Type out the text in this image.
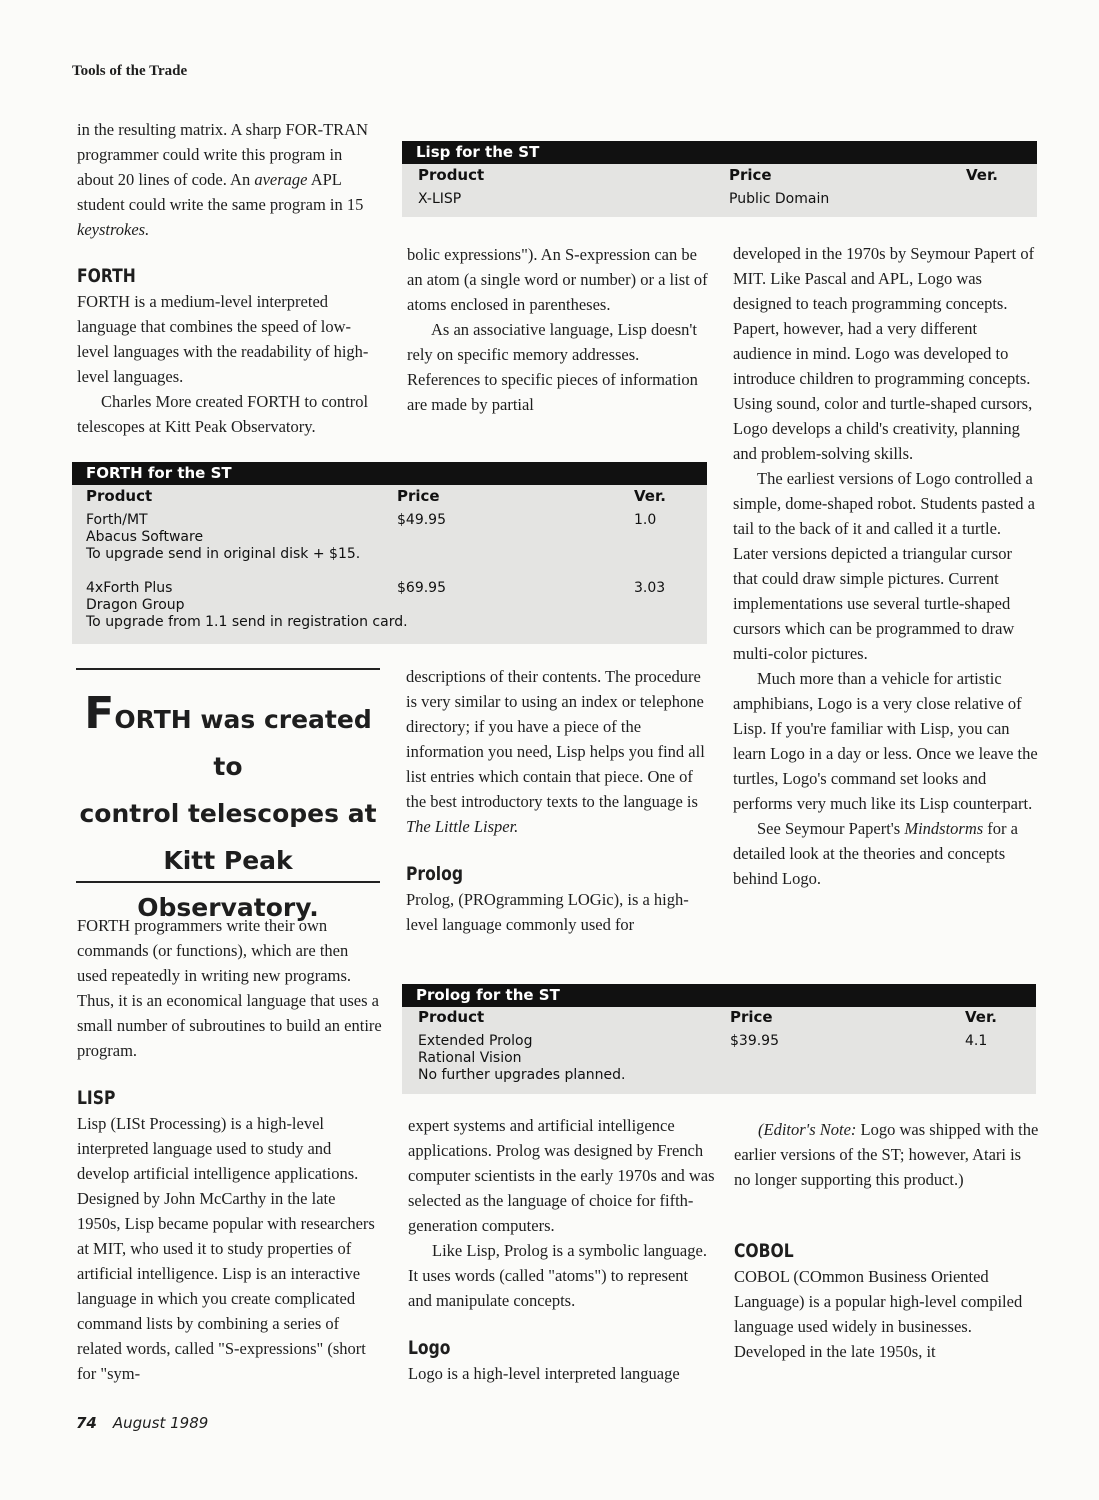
Tools of the Trade

in the resulting matrix. A sharp FOR-TRAN programmer could write this program in about 20 lines of code. An average APL student could write the same program in 15 keystrokes.

FORTH

FORTH is a medium-level interpreted language that combines the speed of low-level languages with the readability of high-level languages.

Charles More created FORTH to control telescopes at Kitt Peak Observatory.

Lisp for the ST
Product	Price	Ver.
X-LISP	Public Domain

bolic expressions"). An S-expression can be an atom (a single word or number) or a list of atoms enclosed in parentheses.

As an associative language, Lisp doesn't rely on specific memory addresses. References to specific pieces of information are made by partial

developed in the 1970s by Seymour Papert of MIT. Like Pascal and APL, Logo was designed to teach programming concepts. Papert, however, had a very different audience in mind. Logo was developed to introduce children to programming concepts. Using sound, color and turtle-shaped cursors, Logo develops a child's creativity, planning and problem-solving skills.

The earliest versions of Logo controlled a simple, dome-shaped robot. Students pasted a tail to the back of it and called it a turtle. Later versions depicted a triangular cursor that could draw simple pictures. Current implementations use several turtle-shaped cursors which can be programmed to draw multi-color pictures.

Much more than a vehicle for artistic amphibians, Logo is a very close relative of Lisp. If you're familiar with Lisp, you can learn Logo in a day or less. Once we leave the turtles, Logo's command set looks and performs very much like its Lisp counterpart.

See Seymour Papert's Mindstorms for a detailed look at the theories and concepts behind Logo.

FORTH for the ST
Product	Price	Ver.
Forth/MT
Abacus Software
To upgrade send in original disk + $15.
$49.95	1.0
4xForth Plus
Dragon Group
To upgrade from 1.1 send in registration card.
$69.95	3.03
FORTH was created to
control telescopes at
Kitt Peak Observatory.

FORTH programmers write their own commands (or functions), which are then used repeatedly in writing new programs. Thus, it is an economical language that uses a small number of subroutines to build an entire program.

LISP

Lisp (LISt Processing) is a high-level interpreted language used to study and develop artificial intelligence applications. Designed by John McCarthy in the late 1950s, Lisp became popular with researchers at MIT, who used it to study properties of artificial intelligence. Lisp is an interactive language in which you create complicated command lists by combining a series of related words, called "S-expressions" (short for "sym-

descriptions of their contents. The procedure is very similar to using an index or telephone directory; if you have a piece of the information you need, Lisp helps you find all list entries which contain that piece. One of the best introductory texts to the language is The Little Lisper.

Prolog

Prolog, (PROgramming LOGic), is a high-level language commonly used for

Prolog for the ST
Product	Price	Ver.
Extended Prolog
Rational Vision
No further upgrades planned.
$39.95	4.1

expert systems and artificial intelligence applications. Prolog was designed by French computer scientists in the early 1970s and was selected as the language of choice for fifth-generation computers.

Like Lisp, Prolog is a symbolic language. It uses words (called "atoms") to represent and manipulate concepts.

Logo

Logo is a high-level interpreted language

(Editor's Note: Logo was shipped with the earlier versions of the ST; however, Atari is no longer supporting this product.)

COBOL

COBOL (COmmon Business Oriented Language) is a popular high-level compiled language used widely in businesses. Developed in the late 1950s, it

74 August 1989
